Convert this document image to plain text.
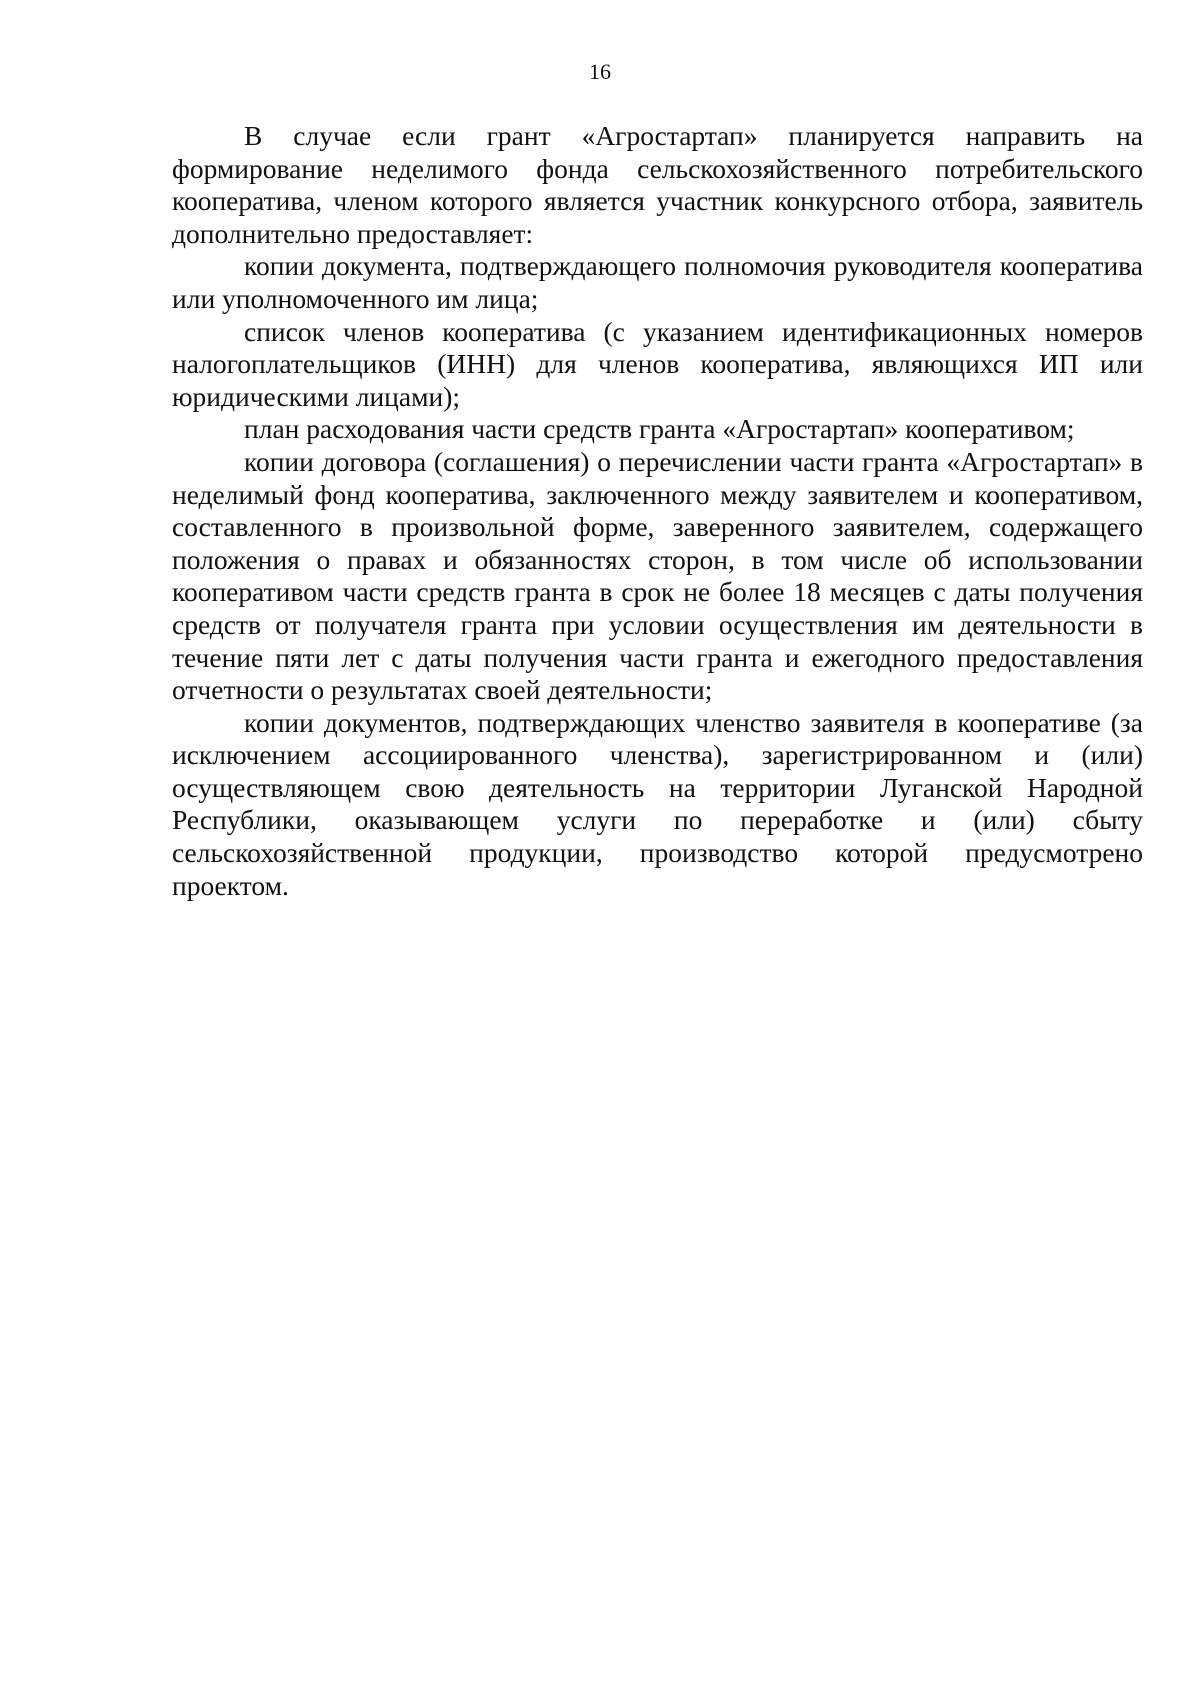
16

В случае если грант «Агростартап» планируется направить на формирование неделимого фонда сельскохозяйственного потребительского кооператива, членом которого является участник конкурсного отбора, заявитель дополнительно предоставляет:

копии документа, подтверждающего полномочия руководителя кооператива или уполномоченного им лица;

список членов кооператива (с указанием идентификационных номеров налогоплательщиков (ИНН) для членов кооператива, являющихся ИП или юридическими лицами);

план расходования части средств гранта «Агростартап» кооперативом;

копии договора (соглашения) о перечислении части гранта «Агростартап» в неделимый фонд кооператива, заключенного между заявителем и кооперативом, составленного в произвольной форме, заверенного заявителем, содержащего положения о правах и обязанностях сторон, в том числе об использовании кооперативом части средств гранта в срок не более 18 месяцев с даты получения средств от получателя гранта при условии осуществления им деятельности в течение пяти лет с даты получения части гранта и ежегодного предоставления отчетности о результатах своей деятельности;

копии документов, подтверждающих членство заявителя в кооперативе (за исключением ассоциированного членства), зарегистрированном и (или) осуществляющем свою деятельность на территории Луганской Народной Республики, оказывающем услуги по переработке и (или) сбыту сельскохозяйственной продукции, производство которой предусмотрено проектом.
